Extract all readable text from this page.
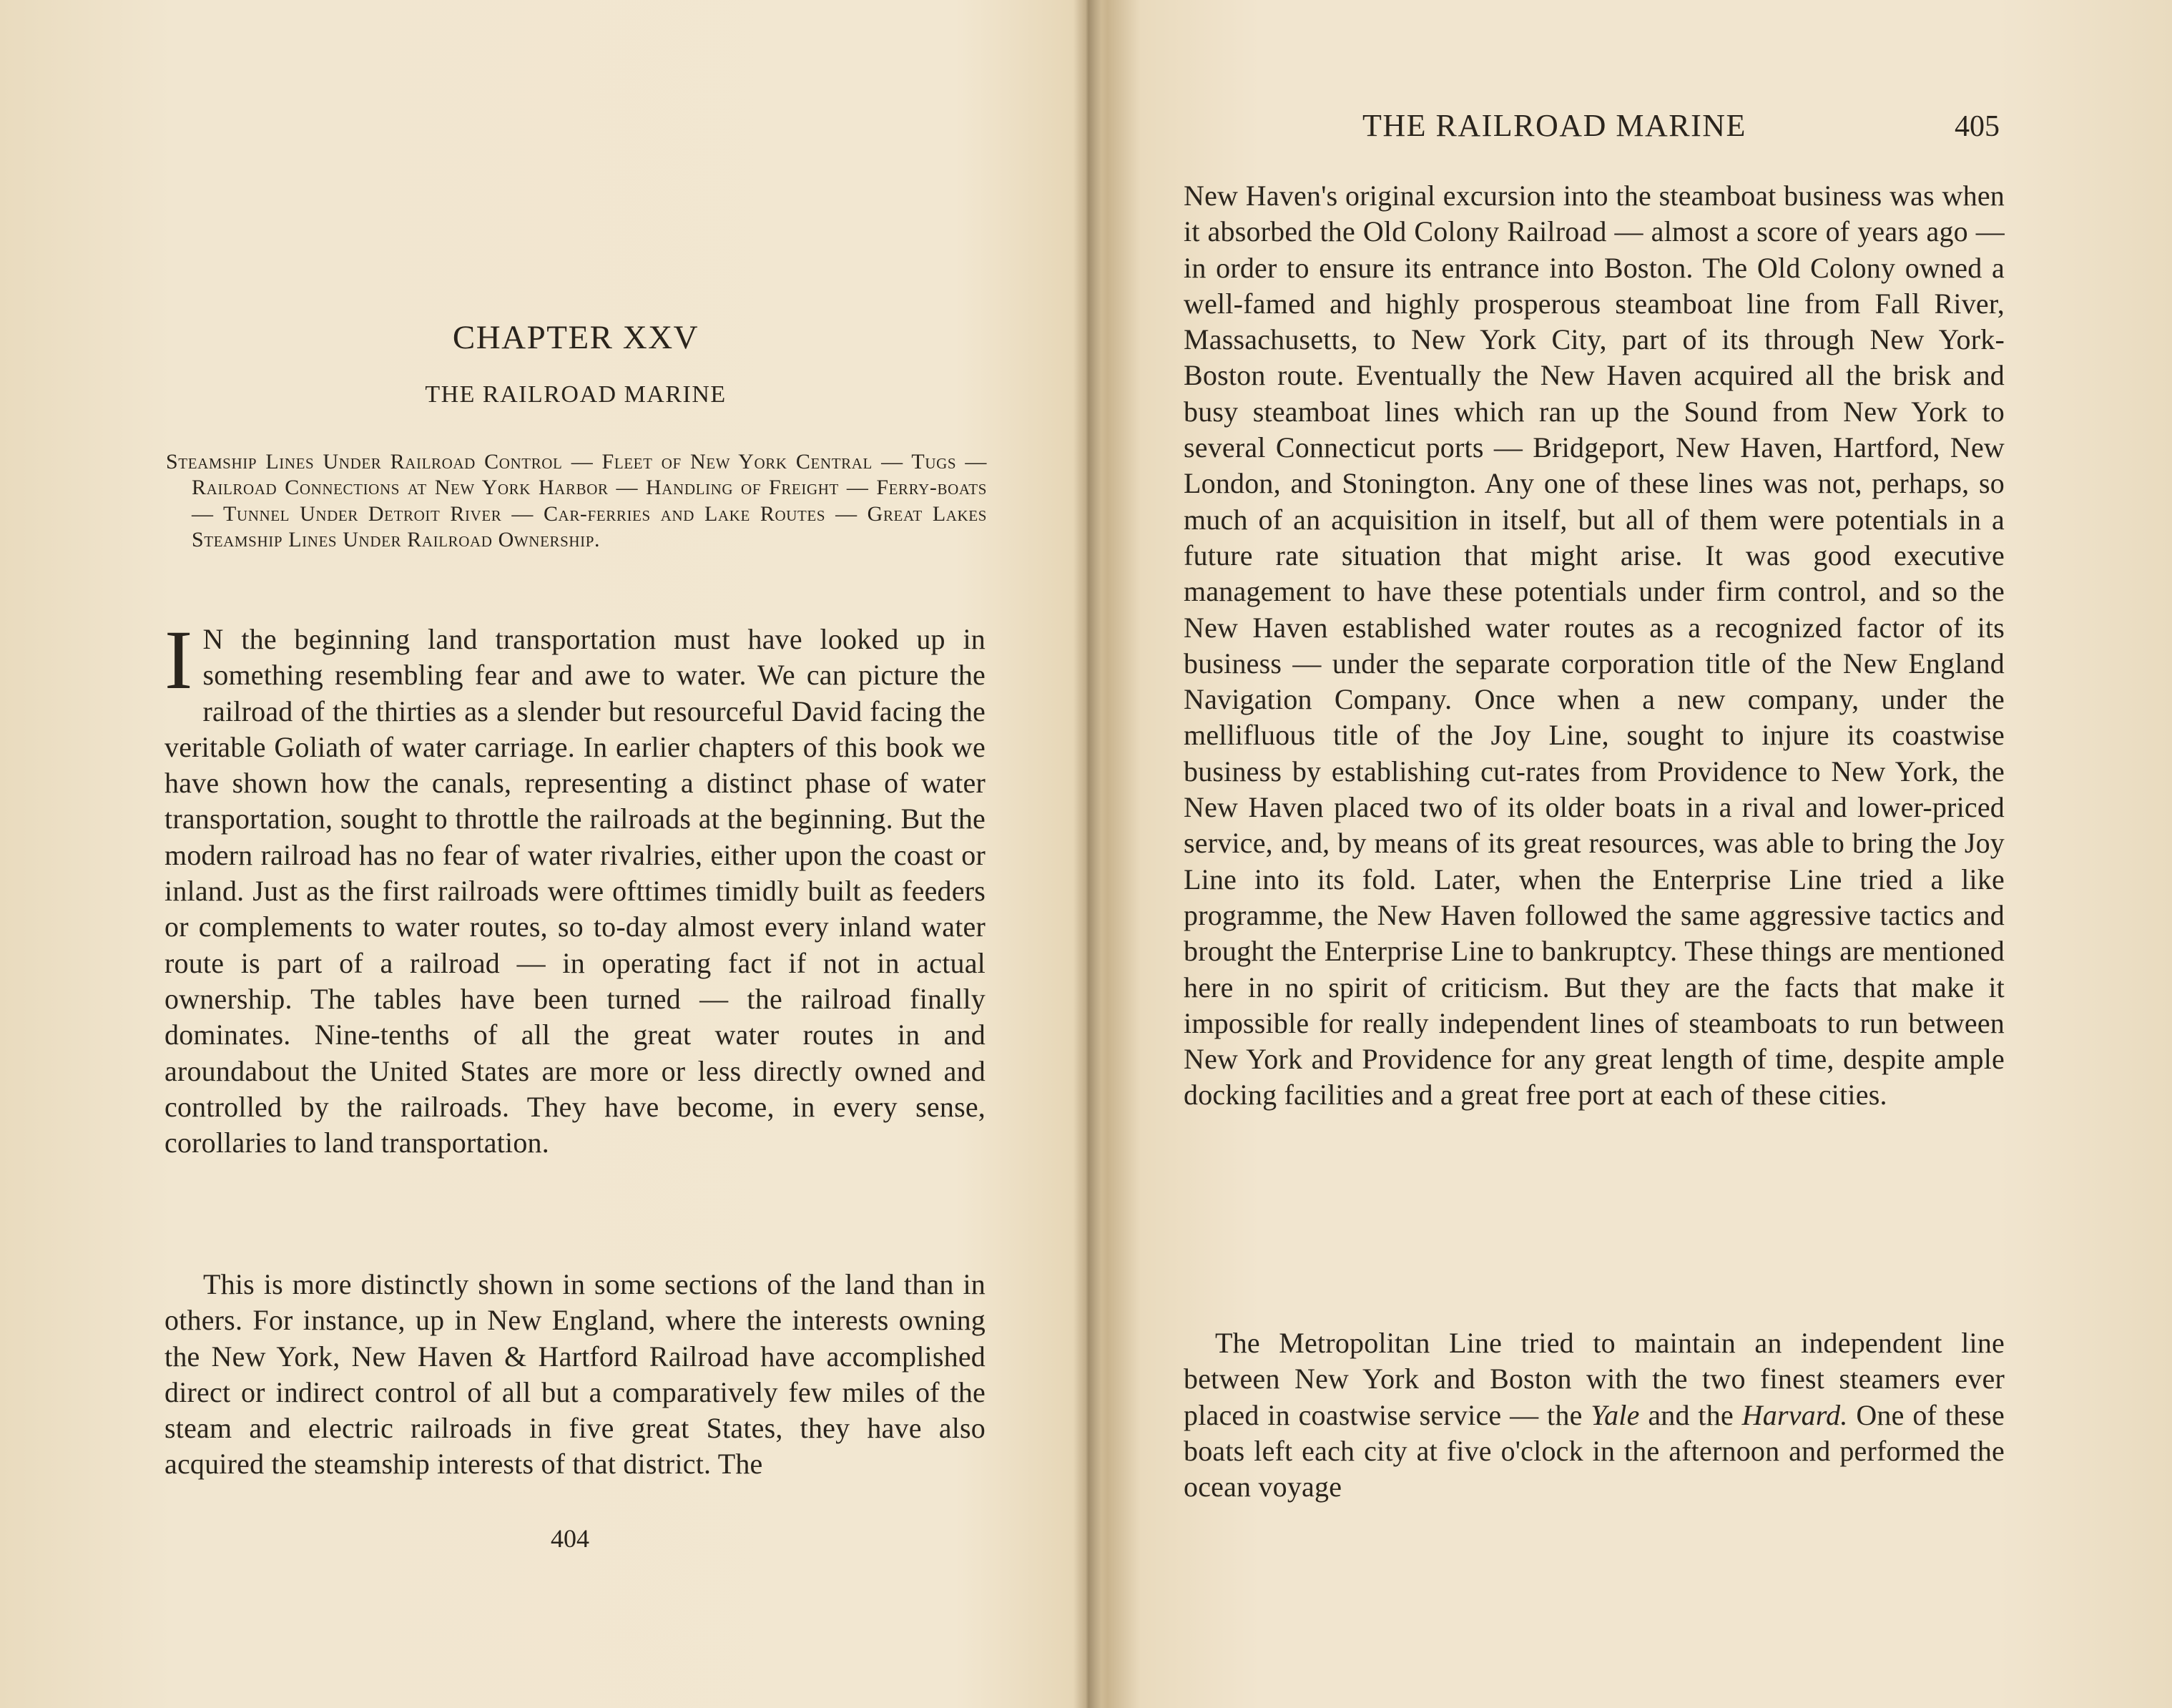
CHAPTER XXV

THE RAILROAD MARINE

Steamship Lines Under Railroad Control — Fleet of New York Central — Tugs — Railroad Connections at New York Harbor — Handling of Freight — Ferry-boats — Tunnel Under Detroit River — Car-ferries and Lake Routes — Great Lakes Steamship Lines Under Railroad Ownership.

I N the beginning land transportation must have looked up in something resembling fear and awe to water. We can picture the railroad of the thirties as a slender but resourceful David facing the veritable Goliath of water carriage. In earlier chapters of this book we have shown how the canals, representing a distinct phase of water transportation, sought to throttle the railroads at the beginning. But the modern railroad has no fear of water rivalries, either upon the coast or inland. Just as the first railroads were ofttimes timidly built as feeders or complements to water routes, so to-day almost every inland water route is part of a railroad — in operating fact if not in actual ownership. The tables have been turned — the railroad finally dominates. Nine-tenths of all the great water routes in and aroundabout the United States are more or less directly owned and controlled by the railroads. They have become, in every sense, corollaries to land transportation.

This is more distinctly shown in some sections of the land than in others. For instance, up in New England, where the interests owning the New York, New Haven & Hartford Railroad have accomplished direct or indirect control of all but a comparatively few miles of the steam and electric railroads in five great States, they have also acquired the steamship interests of that district. The

404

THE RAILROAD MARINE	405

New Haven's original excursion into the steamboat business was when it absorbed the Old Colony Railroad — almost a score of years ago — in order to ensure its entrance into Boston. The Old Colony owned a well-famed and highly prosperous steamboat line from Fall River, Massachusetts, to New York City, part of its through New York-Boston route. Eventually the New Haven acquired all the brisk and busy steamboat lines which ran up the Sound from New York to several Connecticut ports — Bridgeport, New Haven, Hartford, New London, and Stonington. Any one of these lines was not, perhaps, so much of an acquisition in itself, but all of them were potentials in a future rate situation that might arise. It was good executive management to have these potentials under firm control, and so the New Haven established water routes as a recognized factor of its business — under the separate corporation title of the New England Navigation Company. Once when a new company, under the mellifluous title of the Joy Line, sought to injure its coastwise business by establishing cut-rates from Providence to New York, the New Haven placed two of its older boats in a rival and lower-priced service, and, by means of its great resources, was able to bring the Joy Line into its fold. Later, when the Enterprise Line tried a like programme, the New Haven followed the same aggressive tactics and brought the Enterprise Line to bankruptcy. These things are mentioned here in no spirit of criticism. But they are the facts that make it impossible for really independent lines of steamboats to run between New York and Providence for any great length of time, despite ample docking facilities and a great free port at each of these cities.

The Metropolitan Line tried to maintain an independent line between New York and Boston with the two finest steamers ever placed in coastwise service — the Yale and the Harvard. One of these boats left each city at five o'clock in the afternoon and performed the ocean voyage
